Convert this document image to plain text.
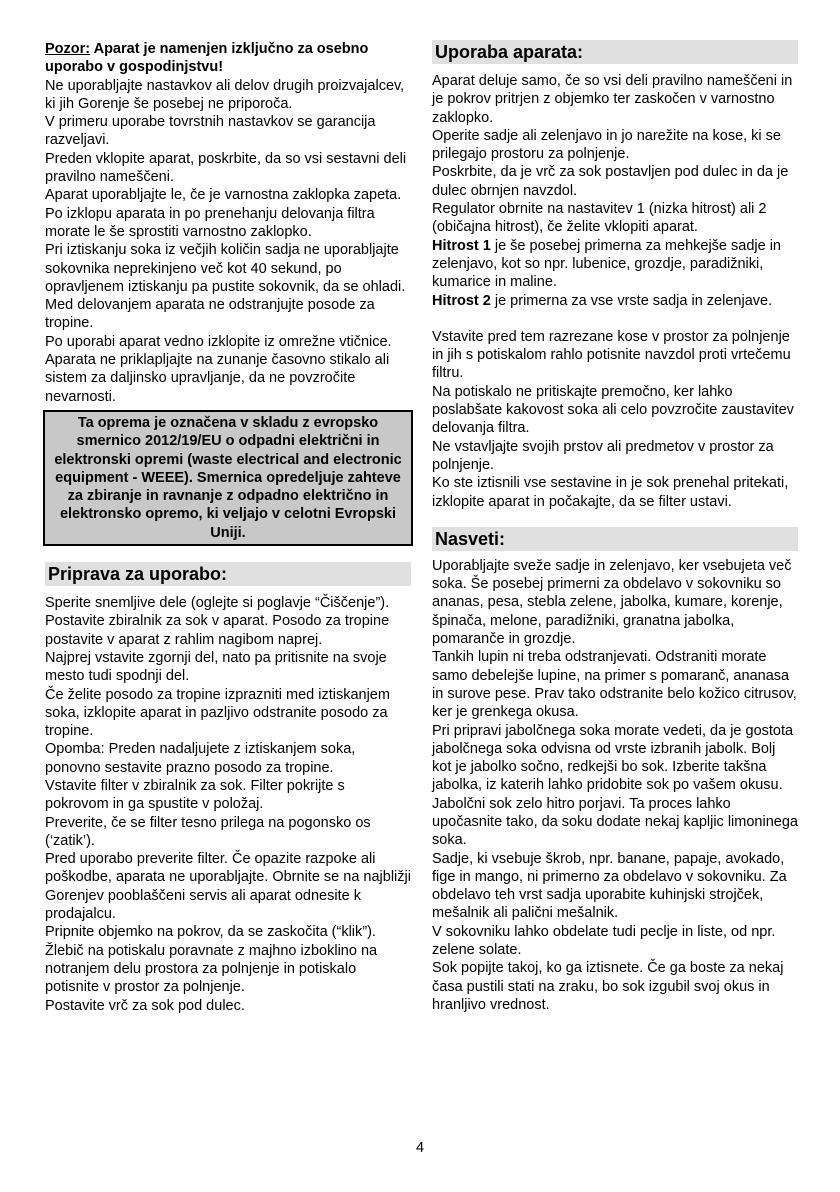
Pozor: Aparat je namenjen izključno za osebno uporabo v gospodinjstvu!

Ne uporabljajte nastavkov ali delov drugih proizvajalcev, ki jih Gorenje še posebej ne priporoča.

V primeru uporabe tovrstnih nastavkov se garancija razveljavi.

Preden vklopite aparat, poskrbite, da so vsi sestavni deli pravilno nameščeni.

Aparat uporabljajte le, če je varnostna zaklopka zapeta.

Po izklopu aparata in po prenehanju delovanja filtra morate le še sprostiti varnostno zaklopko.

Pri iztiskanju soka iz večjih količin sadja ne uporabljajte sokovnika neprekinjeno več kot 40 sekund, po opravljenem iztiskanju pa pustite sokovnik, da se ohladi.

Med delovanjem aparata ne odstranjujte posode za tropine.

Po uporabi aparat vedno izklopite iz omrežne vtičnice.

Aparata ne priklapljajte na zunanje časovno stikalo ali sistem za daljinsko upravljanje, da ne povzročite nevarnosti.

Ta oprema je označena v skladu z evropsko smernico 2012/19/EU o odpadni električni in elektronski opremi (waste electrical and electronic equipment - WEEE). Smernica opredeljuje zahteve za zbiranje in ravnanje z odpadno električno in elektronsko opremo, ki veljajo v celotni Evropski Uniji.
Priprava za uporabo:

Sperite snemljive dele (oglejte si poglavje “Čiščenje”).

Postavite zbiralnik za sok v aparat. Posodo za tropine postavite v aparat z rahlim nagibom naprej.

Najprej vstavite zgornji del, nato pa pritisnite na svoje mesto tudi spodnji del.

Če želite posodo za tropine izprazniti med iztiskanjem soka, izklopite aparat in pazljivo odstranite posodo za tropine.

Opomba: Preden nadaljujete z iztiskanjem soka, ponovno sestavite prazno posodo za tropine.

Vstavite filter v zbiralnik za sok. Filter pokrijte s pokrovom in ga spustite v položaj.

Preverite, če se filter tesno prilega na pogonsko os (‘zatik’).

Pred uporabo preverite filter. Če opazite razpoke ali poškodbe, aparata ne uporabljajte. Obrnite se na najbližji Gorenjev pooblaščeni servis ali aparat odnesite k prodajalcu.

Pripnite objemko na pokrov, da se zaskočita (“klik”). Žlebič na potiskalu poravnate z majhno izboklino na notranjem delu prostora za polnjenje in potiskalo potisnite v prostor za polnjenje.

Postavite vrč za sok pod dulec.

Uporaba aparata:

Aparat deluje samo, če so vsi deli pravilno nameščeni in je pokrov pritrjen z objemko ter zaskočen v varnostno zaklopko.

Operite sadje ali zelenjavo in jo narežite na kose, ki se prilegajo prostoru za polnjenje.

Poskrbite, da je vrč za sok postavljen pod dulec in da je dulec obrnjen navzdol.

Regulator obrnite na nastavitev 1 (nizka hitrost) ali 2 (običajna hitrost), če želite vklopiti aparat.

Hitrost 1 je še posebej primerna za mehkejše sadje in zelenjavo, kot so npr. lubenice, grozdje, paradižniki, kumarice in maline.

Hitrost 2 je primerna za vse vrste sadja in zelenjave.

Vstavite pred tem razrezane kose v prostor za polnjenje in jih s potiskalom rahlo potisnite navzdol proti vrtečemu filtru.

Na potiskalo ne pritiskajte premočno, ker lahko poslabšate kakovost soka ali celo povzročite zaustavitev delovanja filtra.

Ne vstavljajte svojih prstov ali predmetov v prostor za polnjenje.

Ko ste iztisnili vse sestavine in je sok prenehal pritekati, izklopite aparat in počakajte, da se filter ustavi.

Nasveti:

Uporabljajte sveže sadje in zelenjavo, ker vsebujeta več soka. Še posebej primerni za obdelavo v sokovniku so ananas, pesa, stebla zelene, jabolka, kumare, korenje, špinača, melone, paradižniki, granatna jabolka, pomaranče in grozdje.

Tankih lupin ni treba odstranjevati. Odstraniti morate samo debelejše lupine, na primer s pomaranč, ananasa in surove pese. Prav tako odstranite belo kožico citrusov, ker je grenkega okusa.

Pri pripravi jabolčnega soka morate vedeti, da je gostota jabolčnega soka odvisna od vrste izbranih jabolk. Bolj kot je jabolko sočno, redkejši bo sok. Izberite takšna jabolka, iz katerih lahko pridobite sok po vašem okusu.

Jabolčni sok zelo hitro porjavi. Ta proces lahko upočasnite tako, da soku dodate nekaj kapljic limoninega soka.

Sadje, ki vsebuje škrob, npr. banane, papaje, avokado, fige in mango, ni primerno za obdelavo v sokovniku. Za obdelavo teh vrst sadja uporabite kuhinjski strojček, mešalnik ali palični mešalnik.

V sokovniku lahko obdelate tudi peclje in liste, od npr. zelene solate.

Sok popijte takoj, ko ga iztisnete. Če ga boste za nekaj časa pustili stati na zraku, bo sok izgubil svoj okus in hranljivo vrednost.

4
